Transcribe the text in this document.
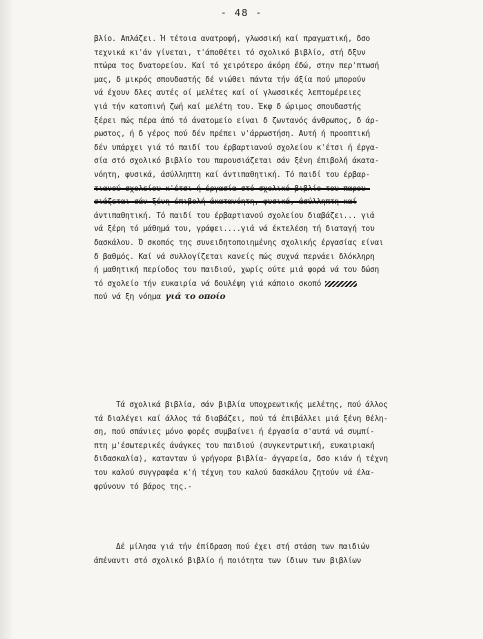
- 48 -
βλίο. Απλάζει. Ή τέτοια ανατροφή, γλωσσική καί πραγματική, δσο
τεχνικά κι'άν γίνεται, τ'άποθέτει τό σχολικό βιβλίο, στή δξυν
πτώρα τος δνατορείου. Καί τό χειρότερο άκόρη έδώ, στην περ'πτωσή
μας, δ μικρός σπουδαστής δέ νιώθει πάντα τήν άξία πού μπορούν
νά έχουν δλες αυτές οί μελέτες καί οί γλωσσικές λεπτομέρειες
γιά τήν κατοπινή ζωή καί μελέτη του. Έκφ δ ώριμος σπουδαστής
ξέρει πώς πέρα άπό τό άνατομείο είναι δ ζωντανός άνθρωπος, δ άρ-
ρωστος, ή δ γέρος πού δέν πρέπει ν'άρρωστήση. Αυτή ή προοπτική
δέν υπάρχει γιά τό παιδί του έρβαρτιανού σχολείου κ'έτσι ή έργα-
σία στό σχολικό βιβλίο του παρουσιάζεται σάν ξένη έπιβολή άκατα-
νόητη, φυσικά, άσύλληπτη καί άντιπαθητική. Τό παιδί του έρβαρ-
τιανού σχολείου κ'έτσι ή έργασία στό σχολικό βιβλίο του παρου-
σιάζεται σάν ξένη έπιβολή άκατανόητη, φυσικά, άσύλληπτη καί
άντιπαθητική. Τό παιδί του έρβαρτιανού σχολείου διαβάζει... γιά
νά ξέρη τό μάθημά του, γράφει....γιά νά έκτελέση τή διαταγή του
δασκάλου. Ό σκοπός της συνειδητοποιημένης σχολικής έργασίας είναι
δ βαθμός. Καί νά συλλογίζεται κανείς πώς συχνά περνάει δλόκληρη
ή μαθητική περίοδος του παιδιού, χωρίς ούτε μιά φορά νά του δώση
τό σχολείο τήν ευκαιρία νά δουλέψη γιά κάποιο σκοπό
πού νά ξη νόημα γιά το οποίο
Τά σχολικά βιβλία, σάν βιβλία υποχρεωτικής μελέτης, πού άλλος
τά διαλέγει καί άλλος τά διαβάζει, πού τά έπιβάλλει μιά ξένη θέλη-
ση, πού σπάνιες μόνο φορές συμβαίνει ή έργασία σ'αυτά νά συμπί-
πτη μ'έσωτερικές άνάγκες του παιδιού (συγκεντρωτική, ευκαιριακή
διδασκαλία), κατανταν ύ γρήγορα βιβλία- άγγαρεία, δσο κιάν ή τέχνη
του καλού συγγραφέα κ'ή τέχνη του καλού δασκάλου ζητούν νά έλα-
φρύνουν τό βάρος της.-
Δέ μίλησα γιά τήν έπίδραση πού έχει στή στάση των παιδιών
άπέναντι στό σχολικό βιβλίο ή ποιότητα των ίδιων των βιβλίων
